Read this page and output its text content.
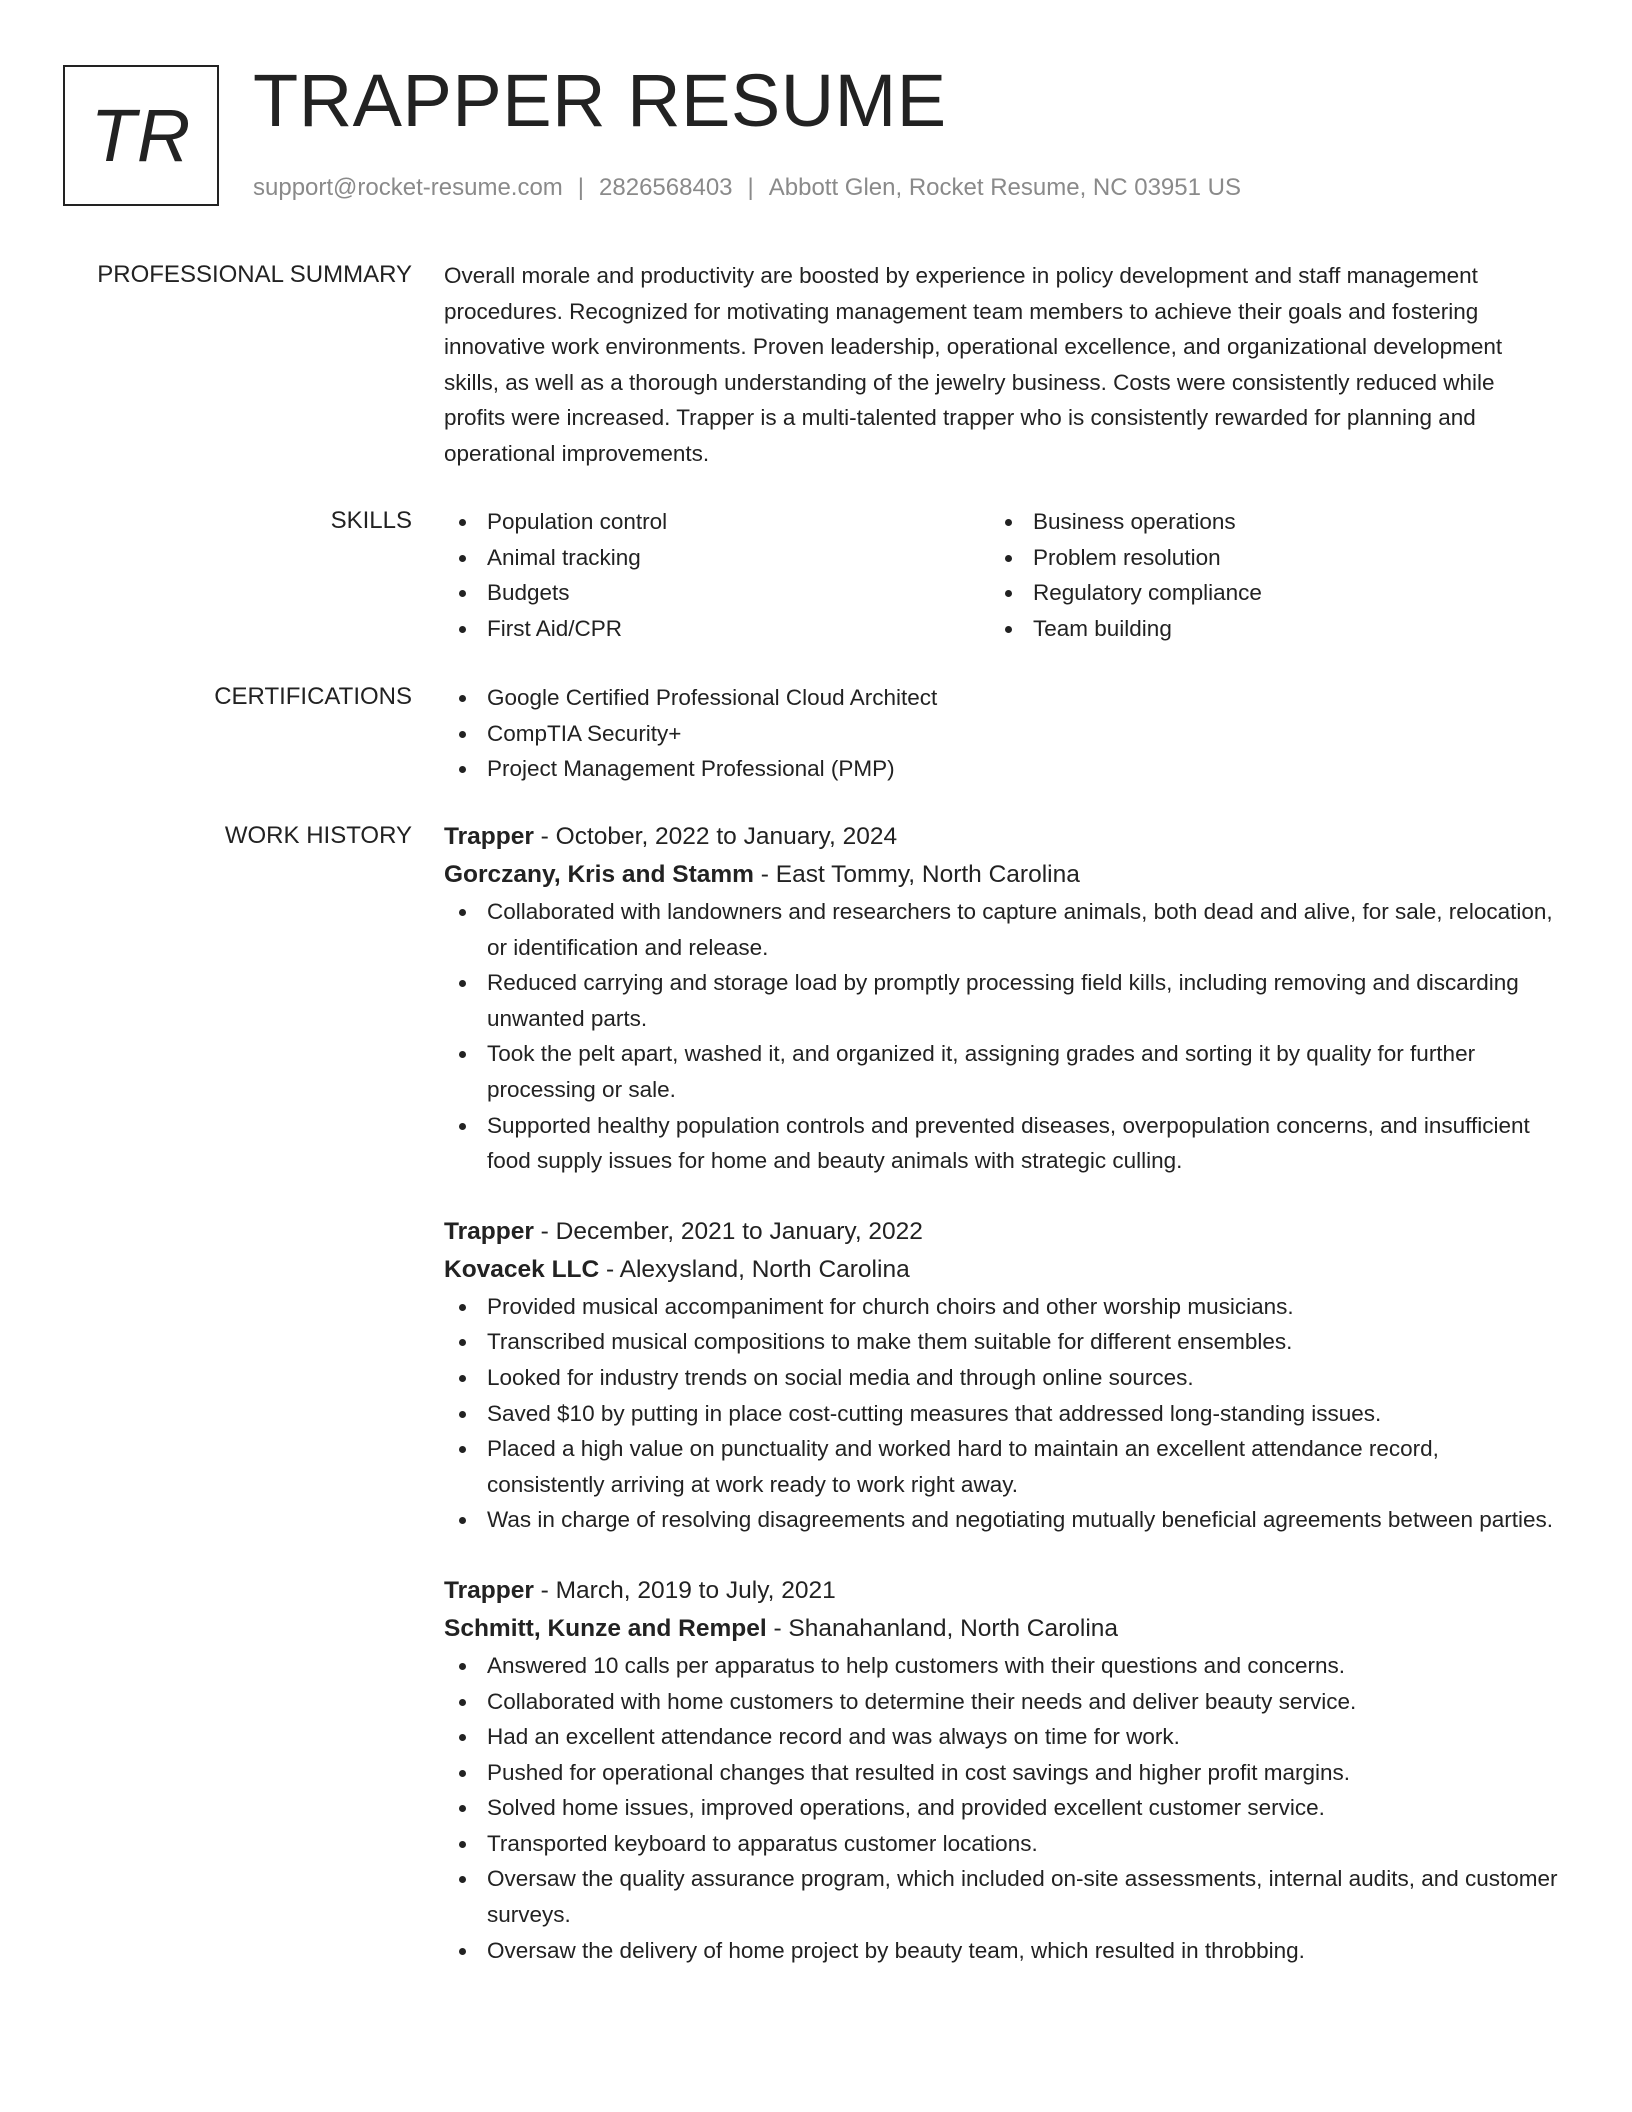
TR TRAPPER RESUME
support@rocket-resume.com | 2826568403 | Abbott Glen, Rocket Resume, NC 03951 US
PROFESSIONAL SUMMARY Overall morale and productivity are boosted by experience in policy development and staff management procedures. Recognized for motivating management team members to achieve their goals and fostering innovative work environments. Proven leadership, operational excellence, and organizational development skills, as well as a thorough understanding of the jewelry business. Costs were consistently reduced while profits were increased. Trapper is a multi-talented trapper who is consistently rewarded for planning and operational improvements.

SKILLS	Population control
Animal tracking
Budgets
First Aid/CPR
Business operations
Problem resolution
Regulatory compliance
Team building
CERTIFICATIONS	Google Certified Professional Cloud Architect
CompTIA Security+
Project Management Professional (PMP)
WORK HISTORY Trapper - October, 2022 to January, 2024
Gorczany, Kris and Stamm - East Tommy, North Carolina
Collaborated with landowners and researchers to capture animals, both dead and alive, for sale, relocation, or identification and release.
Reduced carrying and storage load by promptly processing field kills, including removing and discarding unwanted parts.
Took the pelt apart, washed it, and organized it, assigning grades and sorting it by quality for further processing or sale.
Supported healthy population controls and prevented diseases, overpopulation concerns, and insufficient food supply issues for home and beauty animals with strategic culling.
Trapper - December, 2021 to January, 2022
Kovacek LLC - Alexysland, North Carolina
Provided musical accompaniment for church choirs and other worship musicians.
Transcribed musical compositions to make them suitable for different ensembles.
Looked for industry trends on social media and through online sources.
Saved $10 by putting in place cost-cutting measures that addressed long-standing issues.
Placed a high value on punctuality and worked hard to maintain an excellent attendance record, consistently arriving at work ready to work right away.
Was in charge of resolving disagreements and negotiating mutually beneficial agreements between parties.
Trapper - March, 2019 to July, 2021
Schmitt, Kunze and Rempel - Shanahanland, North Carolina
Answered 10 calls per apparatus to help customers with their questions and concerns.
Collaborated with home customers to determine their needs and deliver beauty service.
Had an excellent attendance record and was always on time for work.
Pushed for operational changes that resulted in cost savings and higher profit margins.
Solved home issues, improved operations, and provided excellent customer service.
Transported keyboard to apparatus customer locations.
Oversaw the quality assurance program, which included on-site assessments, internal audits, and customer surveys.
Oversaw the delivery of home project by beauty team, which resulted in throbbing.
